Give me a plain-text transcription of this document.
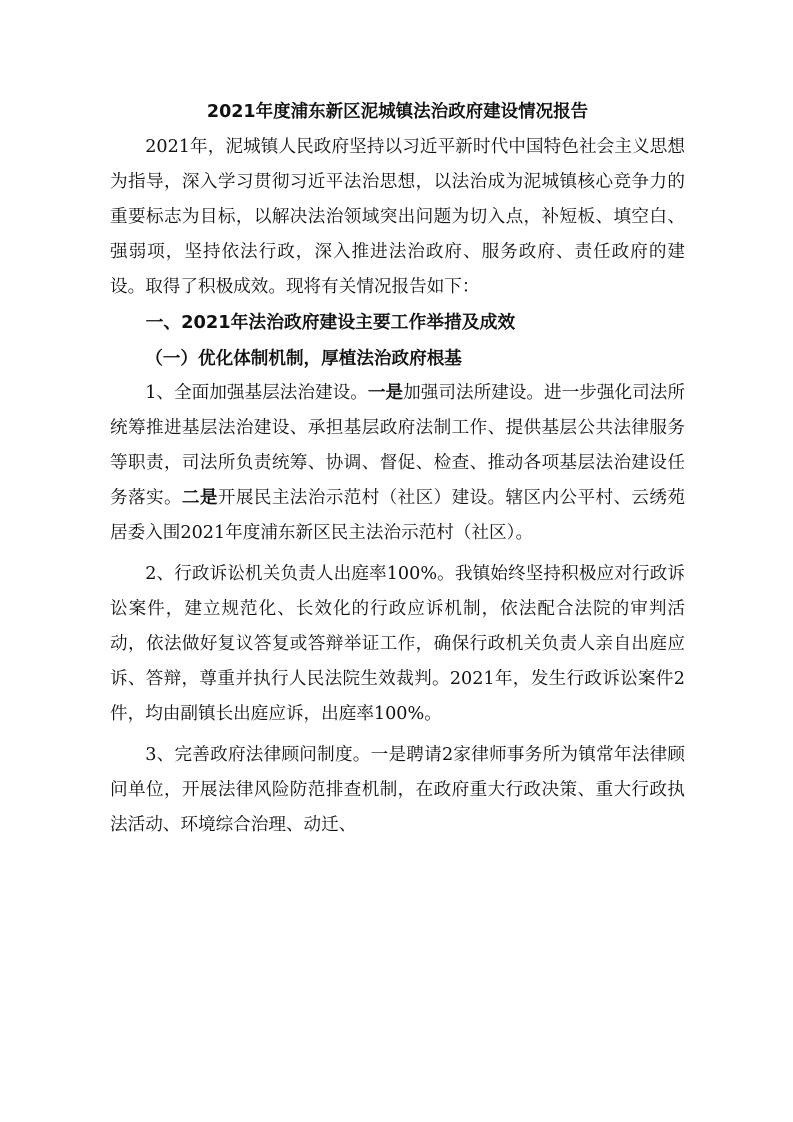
2021年度浦东新区泥城镇法治政府建设情况报告

2021年，泥城镇人民政府坚持以习近平新时代中国特色社会主义思想为指导，深入学习贯彻习近平法治思想，以法治成为泥城镇核心竞争力的重要标志为目标，以解决法治领域突出问题为切入点，补短板、填空白、强弱项，坚持依法行政，深入推进法治政府、服务政府、责任政府的建设。取得了积极成效。现将有关情况报告如下：

一、2021年法治政府建设主要工作举措及成效
（一）优化体制机制，厚植法治政府根基

1、全面加强基层法治建设。一是加强司法所建设。进一步强化司法所统筹推进基层法治建设、承担基层政府法制工作、提供基层公共法律服务等职责，司法所负责统筹、协调、督促、检查、推动各项基层法治建设任务落实。二是开展民主法治示范村（社区）建设。辖区内公平村、云绣苑居委入围2021年度浦东新区民主法治示范村（社区）。

2、行政诉讼机关负责人出庭率100%。我镇始终坚持积极应对行政诉讼案件，建立规范化、长效化的行政应诉机制，依法配合法院的审判活动，依法做好复议答复或答辩举证工作，确保行政机关负责人亲自出庭应诉、答辩，尊重并执行人民法院生效裁判。2021年，发生行政诉讼案件2件，均由副镇长出庭应诉，出庭率100%。

3、完善政府法律顾问制度。一是聘请2家律师事务所为镇常年法律顾问单位，开展法律风险防范排查机制，在政府重大行政决策、重大行政执法活动、环境综合治理、动迁、
